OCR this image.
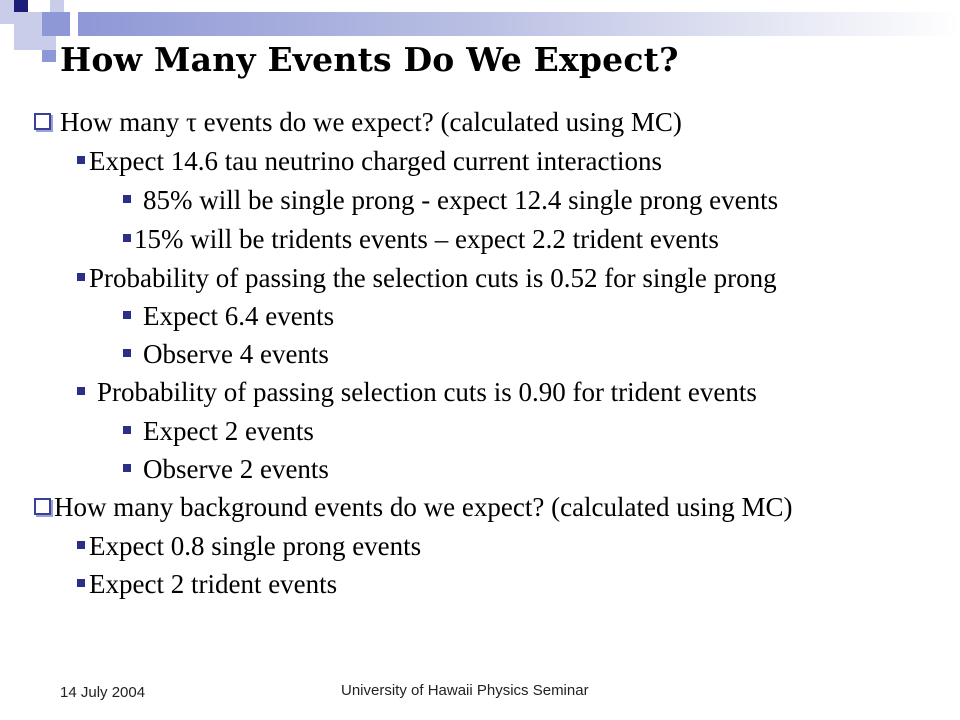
How Many Events Do We Expect?
How many τ events do we expect? (calculated using MC)
Expect 14.6 tau neutrino charged current interactions
85% will be single prong - expect 12.4 single prong events
15% will be tridents events – expect 2.2 trident events
Probability of passing the selection cuts is 0.52 for single prong
Expect 6.4 events
Observe 4 events
Probability of passing selection cuts is 0.90 for trident events
Expect 2 events
Observe 2 events
How many background events do we expect? (calculated using MC)
Expect 0.8 single prong events
Expect 2 trident events
14 July 2004	University of Hawaii Physics Seminar
